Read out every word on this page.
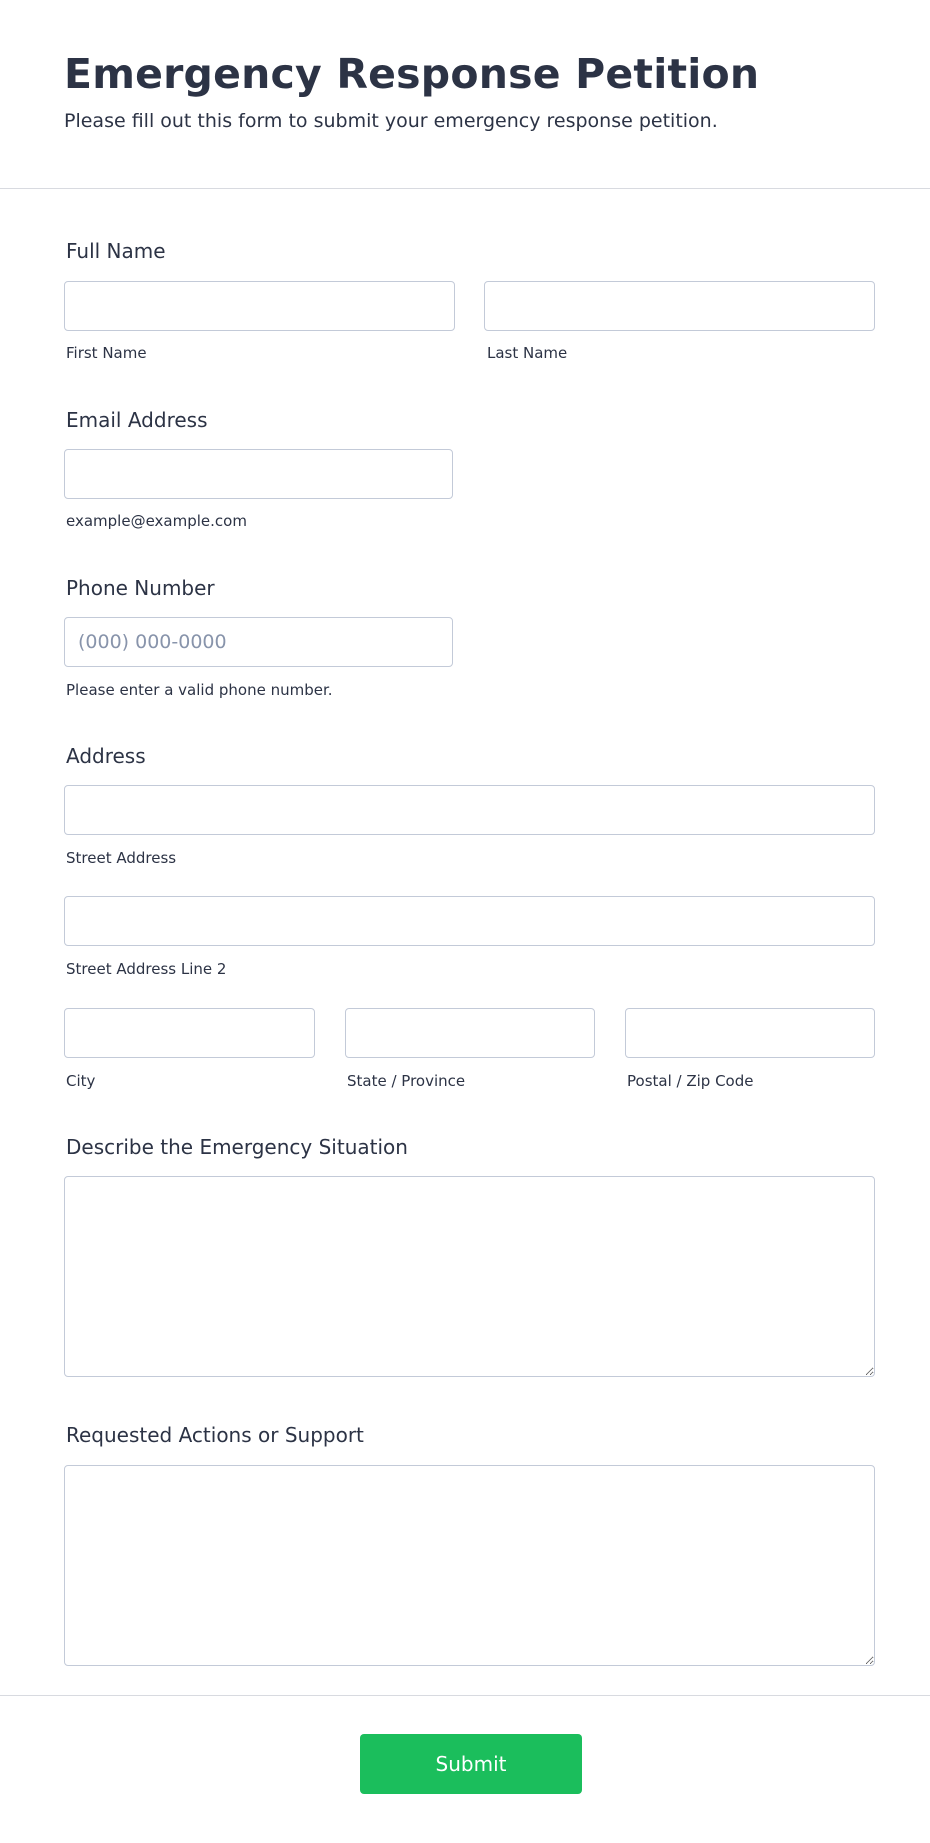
Emergency Response Petition
Please fill out this form to submit your emergency response petition.
Full Name
First Name	Last Name
Email Address
example@example.com
Phone Number
(000) 000-0000
Please enter a valid phone number.
Address
Street Address
Street Address Line 2
City	State / Province	Postal / Zip Code
Describe the Emergency Situation
Requested Actions or Support
Submit
